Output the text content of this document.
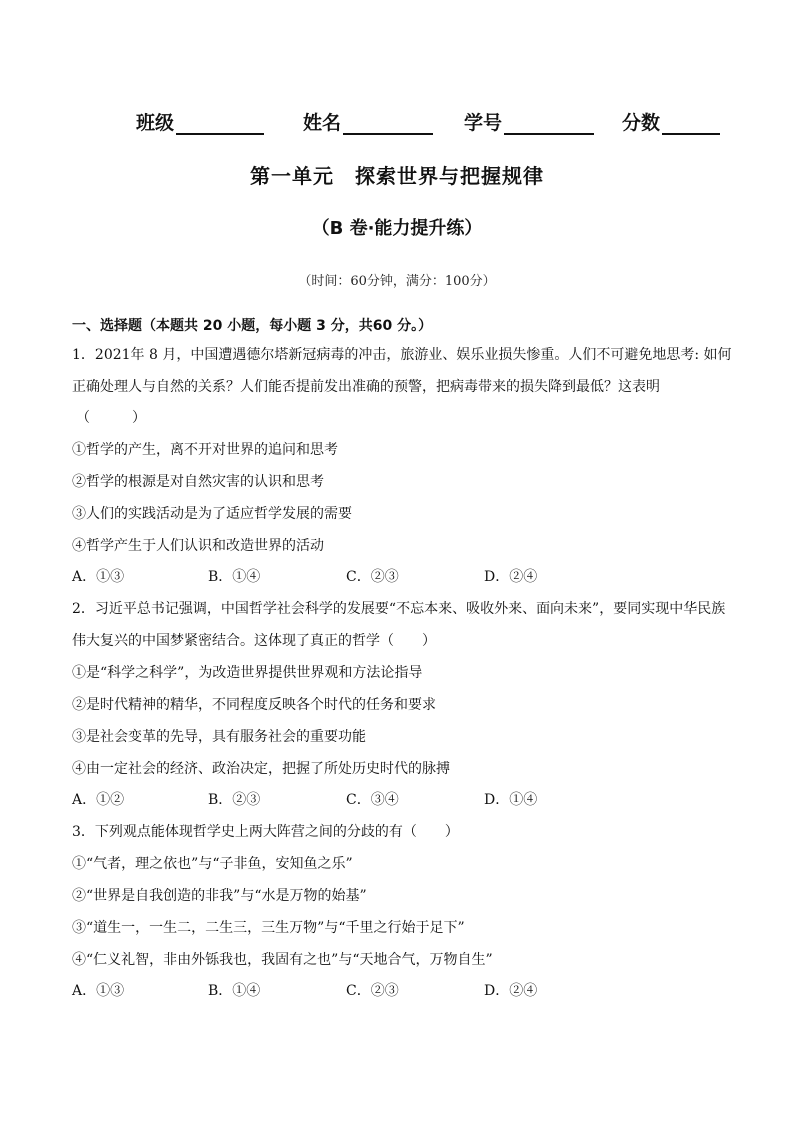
班级	姓名	学号	分数
第一单元　探索世界与把握规律
（B 卷·能力提升练）
（时间：60分钟，满分：100分）
一、选择题（本题共 20 小题，每小题 3 分，共60 分。）
1．2021年 8 月，中国遭遇德尔塔新冠病毒的冲击，旅游业、娱乐业损失惨重。人们不可避免地思考: 如何
正确处理人与自然的关系？人们能否提前发出准确的预警，把病毒带来的损失降到最低？这表明
（　　　）
①哲学的产生，离不开对世界的追问和思考
②哲学的根源是对自然灾害的认识和思考
③人们的实践活动是为了适应哲学发展的需要
④哲学产生于人们认识和改造世界的活动
A．①③	B．①④	C．②③	D．②④
2．习近平总书记强调，中国哲学社会科学的发展要“不忘本来、吸收外来、面向未来”，要同实现中华民族
伟大复兴的中国梦紧密结合。这体现了真正的哲学（　　）
①是“科学之科学”，为改造世界提供世界观和方法论指导
②是时代精神的精华，不同程度反映各个时代的任务和要求
③是社会变革的先导，具有服务社会的重要功能
④由一定社会的经济、政治决定，把握了所处历史时代的脉搏
A．①②	B．②③	C．③④	D．①④
3．下列观点能体现哲学史上两大阵营之间的分歧的有（　　）
①“气者，理之依也”与“子非鱼，安知鱼之乐”
②“世界是自我创造的非我”与“水是万物的始基”
③“道生一，一生二，二生三，三生万物”与“千里之行始于足下”
④“仁义礼智，非由外铄我也，我固有之也”与“天地合气，万物自生”
A．①③	B．①④	C．②③	D．②④
